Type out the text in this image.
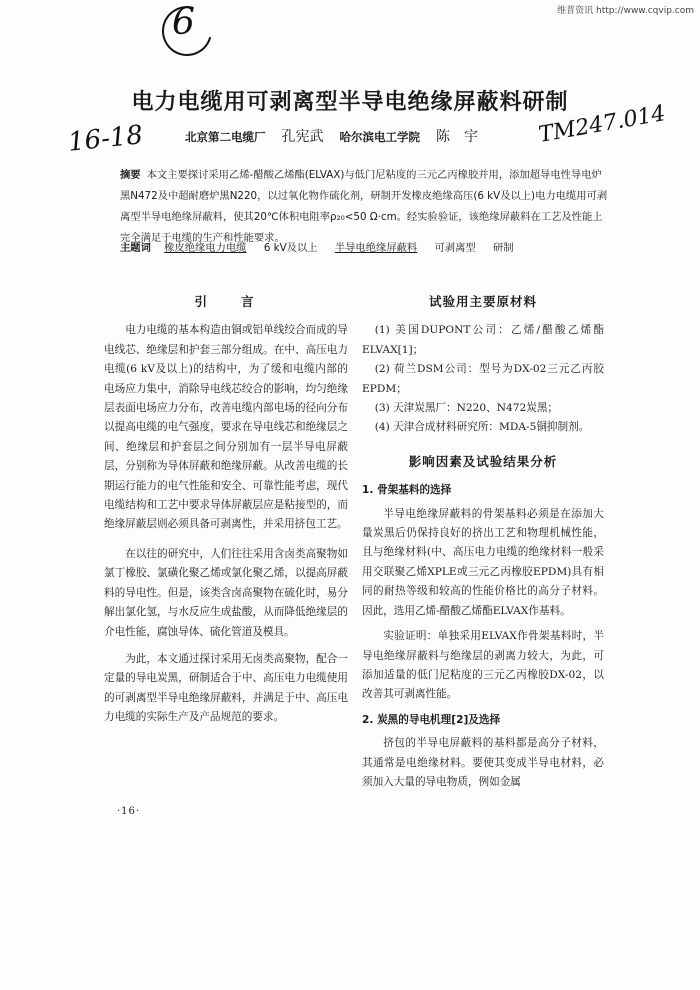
维普资讯 http://www.cqvip.com
6
16-18	TM247.014
电力电缆用可剥离型半导电绝缘屏蔽料研制
北京第二电缆厂 孔宪武 哈尔滨电工学院 陈　宇
摘要 本文主要探讨采用乙烯-醋酸乙烯酯(ELVAX)与低门尼粘度的三元乙丙橡胶并用，添加超导电性导电炉黑N472及中超耐磨炉黑N220，以过氧化物作硫化剂，研制开发橡皮绝缘高压(6 kV及以上)电力电缆用可剥离型半导电绝缘屏蔽料，使其20℃体积电阻率ρ₂₀<50 Ω·cm。经实验验证，该绝缘屏蔽料在工艺及性能上完全满足于电缆的生产和性能要求。
主题词 橡皮绝缘电力电缆 6 kV及以上 半导电绝缘屏蔽料 可剥离型 研制
引言

电力电缆的基本构造由铜或铝单线绞合而成的导电线芯、绝缘层和护套三部分组成。在中、高压电力电缆(6 kV及以上)的结构中，为了缓和电缆内部的电场应力集中，消除导电线芯绞合的影响，均匀绝缘层表面电场应力分布，改善电缆内部电场的径向分布以提高电缆的电气强度，要求在导电线芯和绝缘层之间、绝缘层和护套层之间分别加有一层半导电屏蔽层，分别称为导体屏蔽和绝缘屏蔽。从改善电缆的长期运行能力的电气性能和安全、可靠性能考虑，现代电缆结构和工艺中要求导体屏蔽层应是粘接型的，而绝缘屏蔽层则必须具备可剥离性，并采用挤包工艺。

在以往的研究中，人们往往采用含卤类高聚物如氯丁橡胶、氯磺化聚乙烯或氯化聚乙烯，以提高屏蔽料的导电性。但是，该类含卤高聚物在硫化时，易分解出氯化氢，与水反应生成盐酸，从而降低绝缘层的介电性能，腐蚀导体、硫化管道及模具。

为此，本文通过探讨采用无卤类高聚物，配合一定量的导电炭黑，研制适合于中、高压电力电缆使用的可剥离型半导电绝缘屏蔽料，并满足于中、高压电力电缆的实际生产及产品规范的要求。

试验用主要原材料
(1) 美国DUPONT公司：乙烯/醋酸乙烯酯ELVAX[1]；
(2) 荷兰DSM公司：型号为DX-02三元乙丙胶EPDM；
(3) 天津炭黑厂：N220、N472炭黑；
(4) 天津合成材料研究所：MDA-5铜抑制剂。
影响因素及试验结果分析
1. 骨架基料的选择

半导电绝缘屏蔽料的骨架基料必须是在添加大量炭黑后仍保持良好的挤出工艺和物理机械性能，且与绝缘材料(中、高压电力电缆的绝缘材料一般采用交联聚乙烯XPLE或三元乙丙橡胶EPDM)具有相同的耐热等级和较高的性能价格比的高分子材料。因此，选用乙烯-醋酸乙烯酯ELVAX作基料。

实验证明：单独采用ELVAX作骨架基料时，半导电绝缘屏蔽料与绝缘层的剥离力较大，为此，可添加适量的低门尼粘度的三元乙丙橡胶DX-02，以改善其可剥离性能。

2. 炭黑的导电机理[2]及选择

挤包的半导电屏蔽料的基料都是高分子材料，其通常是电绝缘材料。要使其变成半导电材料，必须加入大量的导电物质，例如金属

·16·
